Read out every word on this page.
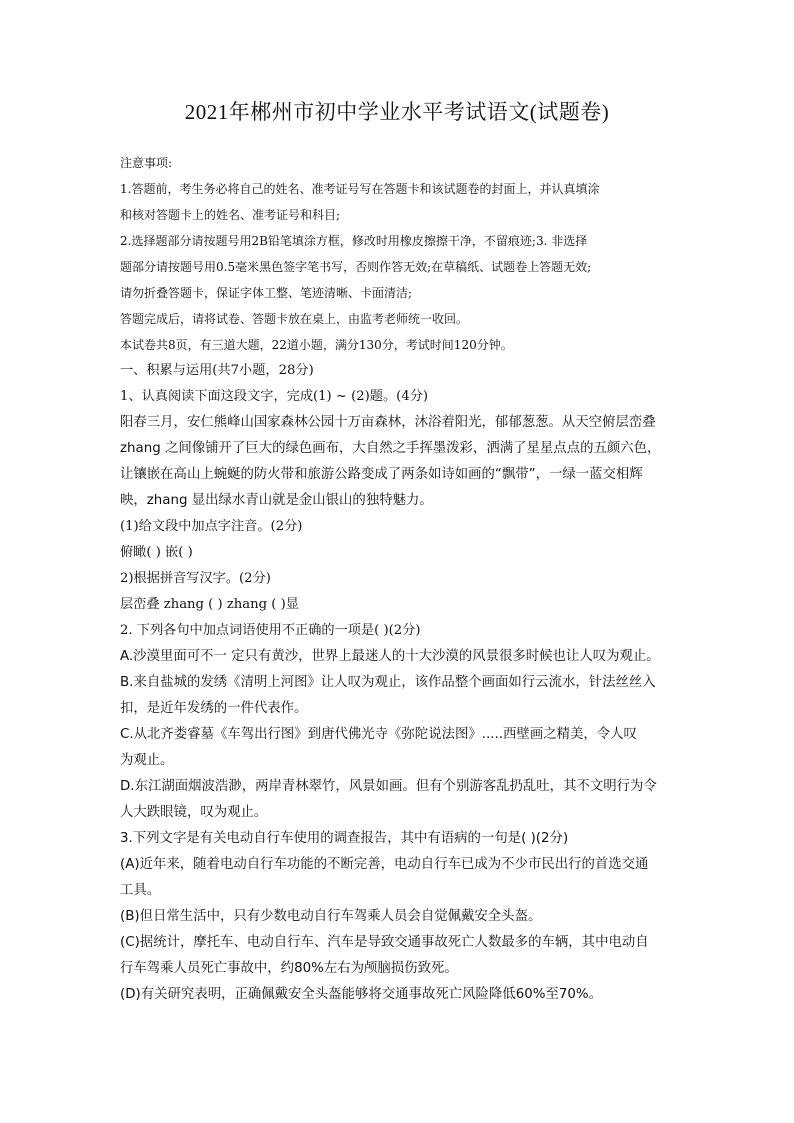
2021年郴州市初中学业水平考试语文(试题卷)
注意事项:
1.答题前，考生务必将自己的姓名、准考证号写在答题卡和该试题卷的封面上，并认真填涂
和核对答题卡上的姓名、准考证号和科目;
2.选择题部分请按题号用2B铅笔填涂方框，修改时用橡皮擦擦干净，不留痕迹;3. 非选择
题部分请按题号用0.5毫米黑色签字笔书写，否则作答无效;在草稿纸、试题卷上答题无效;
请勿折叠答题卡，保证字体工整、笔迹清晰、卡面清洁;
答题完成后，请将试卷、答题卡放在桌上，由监考老师统一收回。
本试卷共8页，有三道大题，22道小题，满分130分，考试时间120分钟。
一、积累与运用(共7小题，28分)
1、认真阅读下面这段文字，完成(1) ~ (2)题。(4分)
阳春三月，安仁熊峰山国家森林公园十万亩森林，沐浴着阳光，郁郁葱葱。从天空俯层峦叠
zhang 之间像铺开了巨大的绿色画布，大自然之手挥墨泼彩，洒满了星星点点的五颜六色，
让镶嵌在高山上蜿蜒的防火带和旅游公路变成了两条如诗如画的“飘带”，一绿一蓝交相辉
映，zhang 显出绿水青山就是金山银山的独特魅力。
(1)给文段中加点字注音。(2分)
俯瞰( ) 嵌( )
2)根据拼音写汉字。(2分)
层峦叠 zhang ( ) zhang ( )显
2. 下列各句中加点词语使用不正确的一项是( )(2分)
A.沙漠里面可不一 定只有黄沙，世界上最迷人的十大沙漠的风景很多时候也让人叹为观止。
B.来自盐城的发绣《清明上河图》让人叹为观止，该作品整个画面如行云流水，针法丝丝入
扣，是近年发绣的一件代表作。
C.从北齐娄睿墓《车驾出行图》到唐代佛光寺《弥陀说法图》.....西壁画之精美，令人叹
为观止。
D.东江湖面烟波浩渺，两岸青林翠竹，风景如画。但有个别游客乱扔乱吐，其不文明行为令
人大跌眼镜，叹为观止。
3.下列文字是有关电动自行车使用的调查报告，其中有语病的一句是( )(2分)
(A)近年来，随着电动自行车功能的不断完善，电动自行车已成为不少市民出行的首选交通
工具。
(B)但日常生活中，只有少数电动自行车驾乘人员会自觉佩戴安全头盔。
(C)据统计，摩托车、电动自行车、汽车是导致交通事故死亡人数最多的车辆，其中电动自
行车驾乘人员死亡事故中，约80%左右为颅脑损伤致死。
(D)有关研究表明，正确佩戴安全头盔能够将交通事故死亡风险降低60%至70%。
